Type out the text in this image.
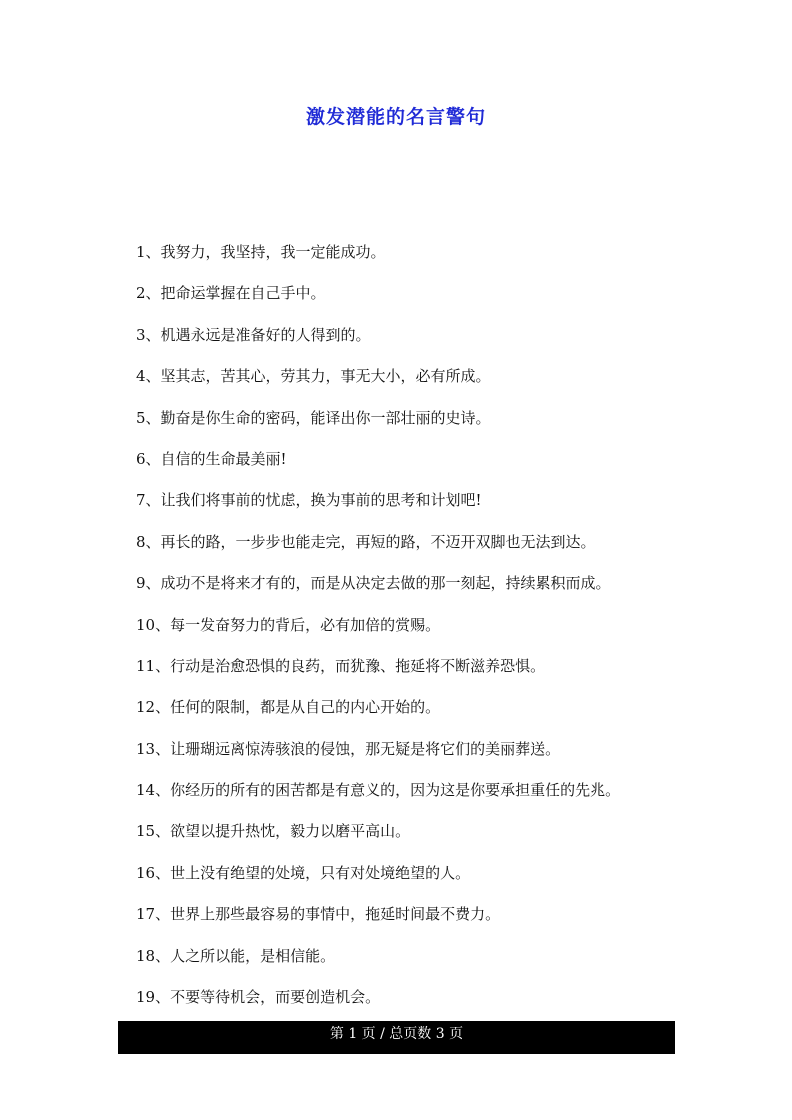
激发潜能的名言警句
1、我努力，我坚持，我一定能成功。
2、把命运掌握在自己手中。
3、机遇永远是准备好的人得到的。
4、坚其志，苦其心，劳其力，事无大小，必有所成。
5、勤奋是你生命的密码，能译出你一部壮丽的史诗。
6、自信的生命最美丽!
7、让我们将事前的忧虑，换为事前的思考和计划吧!
8、再长的路，一步步也能走完，再短的路，不迈开双脚也无法到达。
9、成功不是将来才有的，而是从决定去做的那一刻起，持续累积而成。
10、每一发奋努力的背后，必有加倍的赏赐。
11、行动是治愈恐惧的良药，而犹豫、拖延将不断滋养恐惧。
12、任何的限制，都是从自己的内心开始的。
13、让珊瑚远离惊涛骇浪的侵蚀，那无疑是将它们的美丽葬送。
14、你经历的所有的困苦都是有意义的，因为这是你要承担重任的先兆。
15、欲望以提升热忱，毅力以磨平高山。
16、世上没有绝望的处境，只有对处境绝望的人。
17、世界上那些最容易的事情中，拖延时间最不费力。
18、人之所以能，是相信能。
19、不要等待机会，而要创造机会。
第 1 页 / 总页数 3 页
